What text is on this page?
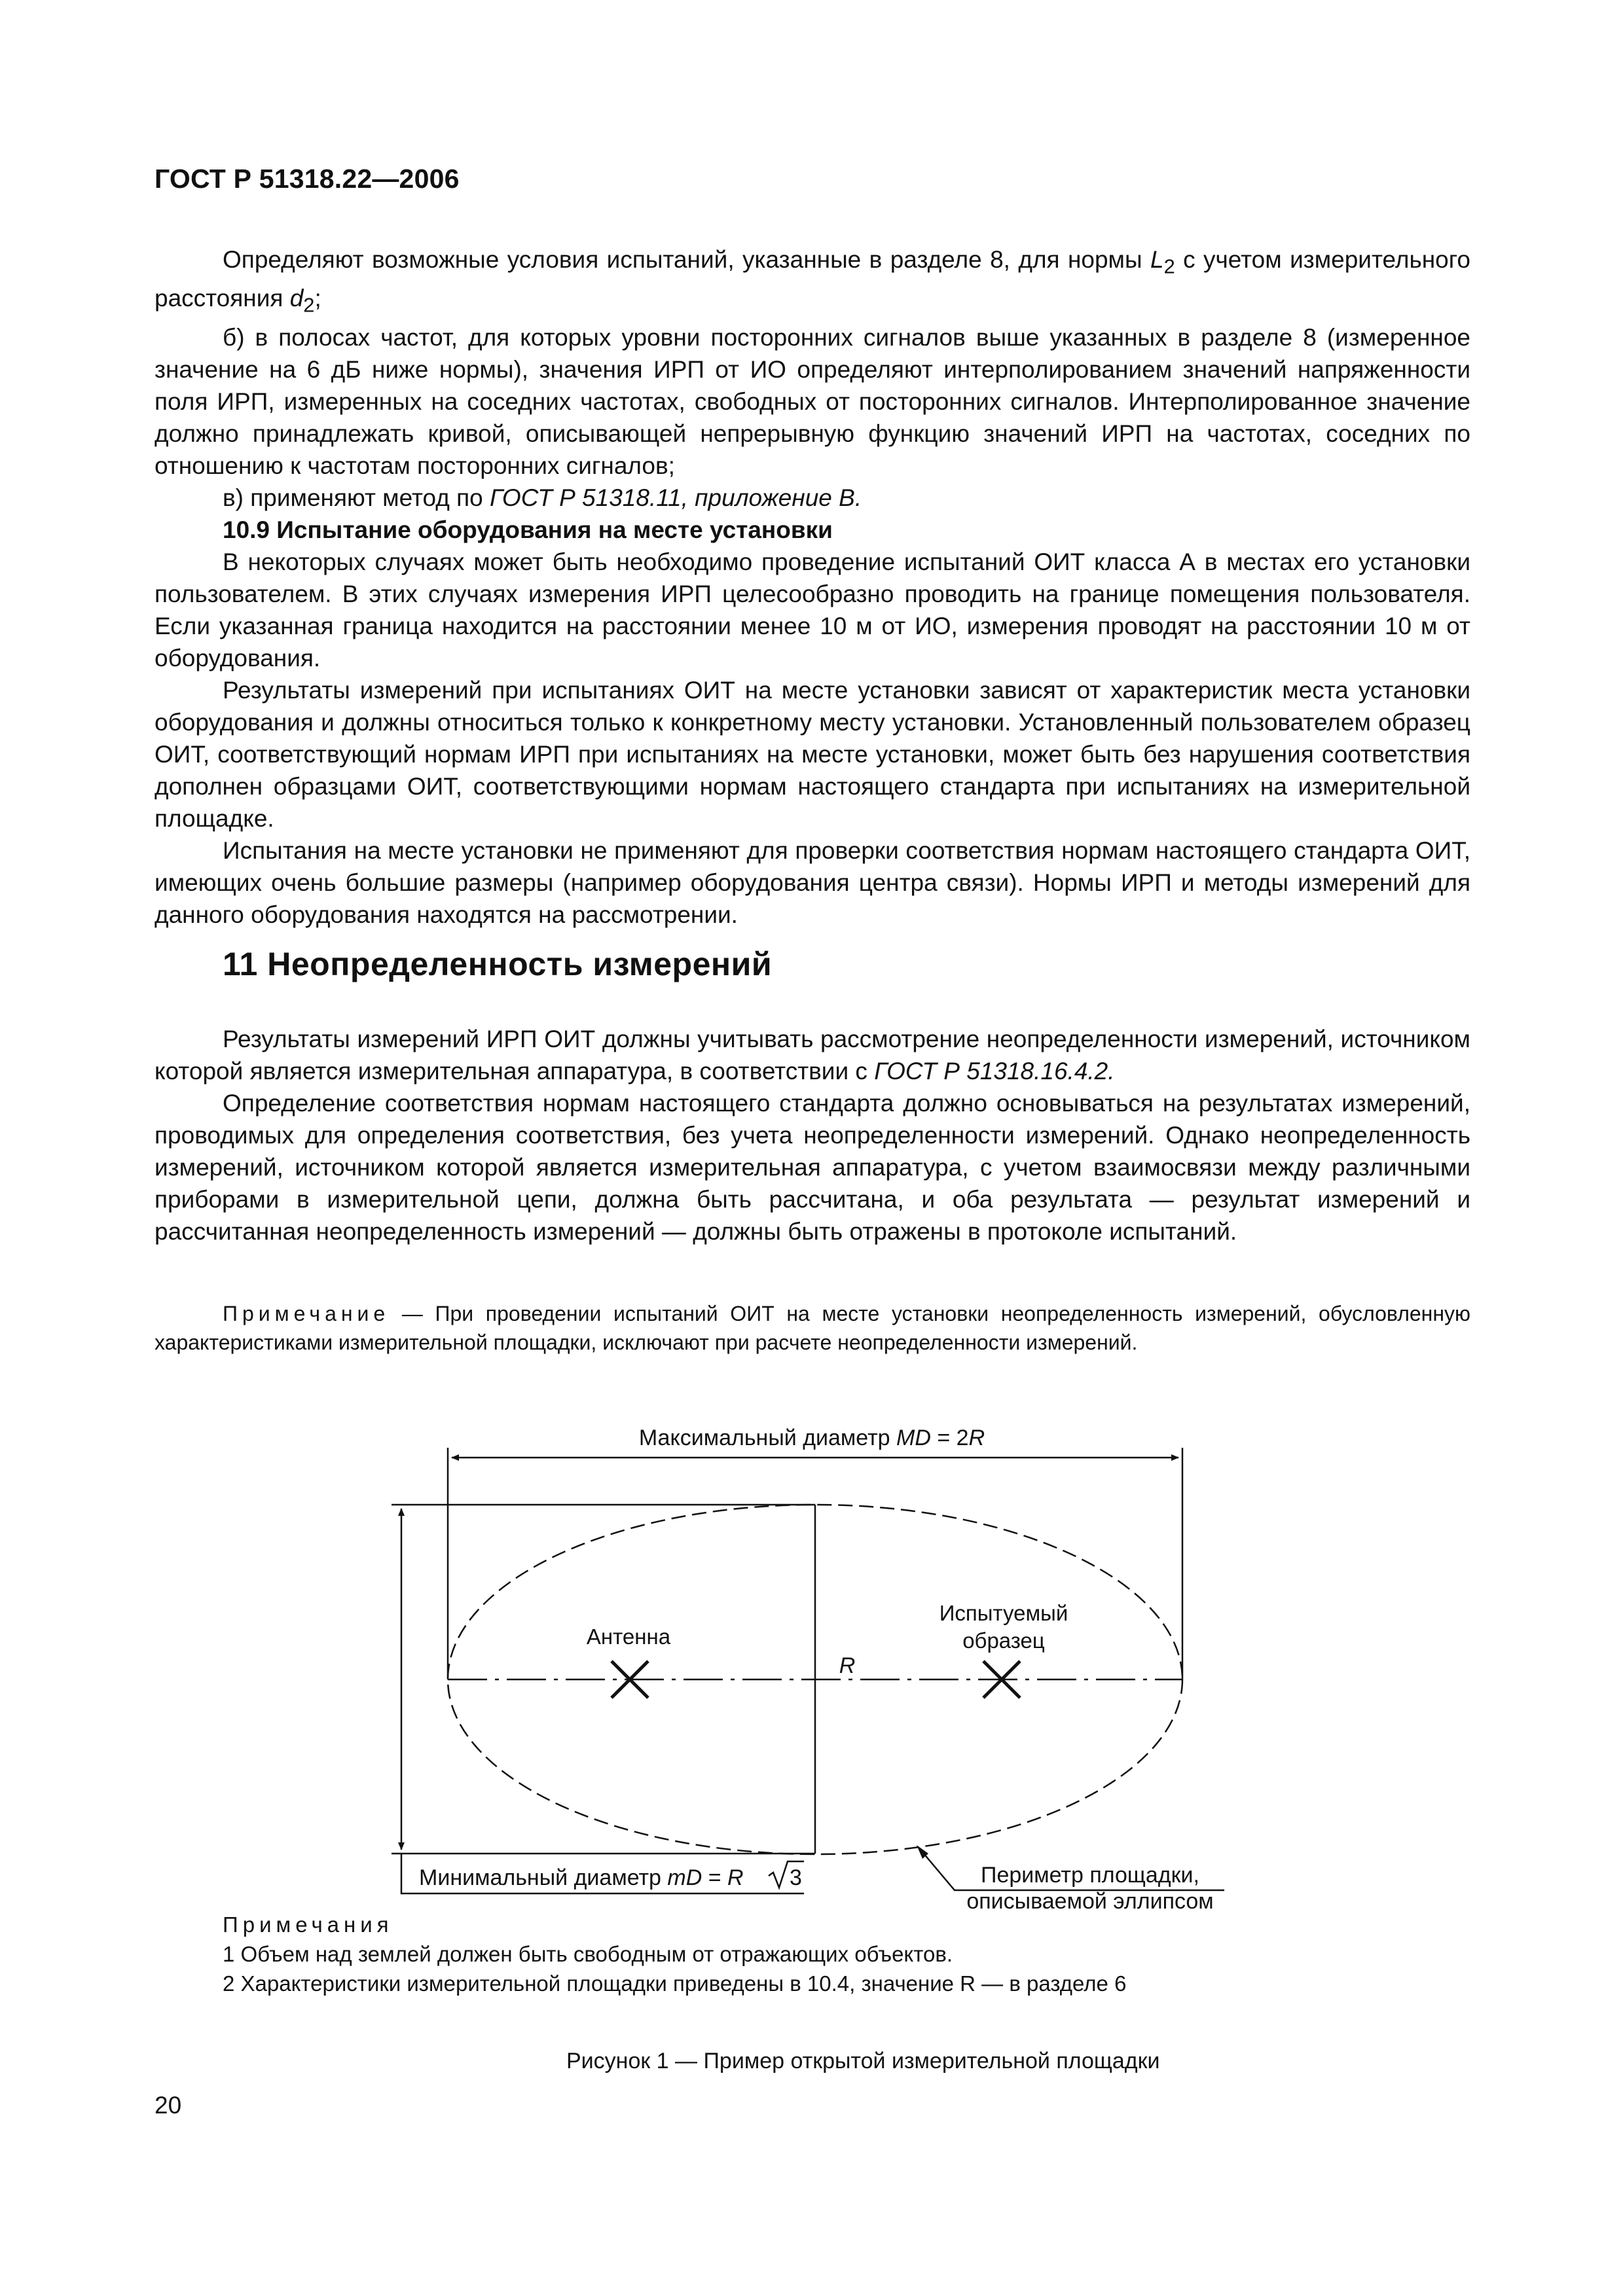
ГОСТ Р 51318.22—2006

Определяют возможные условия испытаний, указанные в разделе 8, для нормы $L_2$ с учетом измерительного расстояния $d_2$;

б) в полосах частот, для которых уровни посторонних сигналов выше указанных в разделе 8 (измеренное значение на 6 дБ ниже нормы), значения ИРП от ИО определяют интерполированием значений напряженности поля ИРП, измеренных на соседних частотах, свободных от посторонних сигналов. Интерполированное значение должно принадлежать кривой, описывающей непрерывную функцию значений ИРП на частотах, соседних по отношению к частотам посторонних сигналов;

в) применяют метод по ГОСТ Р 51318.11, приложение В.

10.9 Испытание оборудования на месте установки

В некоторых случаях может быть необходимо проведение испытаний ОИТ класса А в местах его установки пользователем. В этих случаях измерения ИРП целесообразно проводить на границе помещения пользователя. Если указанная граница находится на расстоянии менее 10 м от ИО, измерения проводят на расстоянии 10 м от оборудования.

Результаты измерений при испытаниях ОИТ на месте установки зависят от характеристик места установки оборудования и должны относиться только к конкретному месту установки. Установленный пользователем образец ОИТ, соответствующий нормам ИРП при испытаниях на месте установки, может быть без нарушения соответствия дополнен образцами ОИТ, соответствующими нормам настоящего стандарта при испытаниях на измерительной площадке.

Испытания на месте установки не применяют для проверки соответствия нормам настоящего стандарта ОИТ, имеющих очень большие размеры (например оборудования центра связи). Нормы ИРП и методы измерений для данного оборудования находятся на рассмотрении.

11 Неопределенность измерений

Результаты измерений ИРП ОИТ должны учитывать рассмотрение неопределенности измерений, источником которой является измерительная аппаратура, в соответствии с ГОСТ Р 51318.16.4.2.

Определение соответствия нормам настоящего стандарта должно основываться на результатах измерений, проводимых для определения соответствия, без учета неопределенности измерений. Однако неопределенность измерений, источником которой является измерительная аппаратура, с учетом взаимосвязи между различными приборами в измерительной цепи, должна быть рассчитана, и оба результата — результат измерений и рассчитанная неопределенность измерений — должны быть отражены в протоколе испытаний.

Примечание — При проведении испытаний ОИТ на месте установки неопределенность измерений, обусловленную характеристиками измерительной площадки, исключают при расчете неопределенности измерений.
Максимальный диаметр MD = 2R
Антенна
Испытуемый
образец
R
Минимальный диаметр mD = R 3	Периметр площадки,
описываемой эллипсом
Примечания
1 Объем над землей должен быть свободным от отражающих объектов.
2 Характеристики измерительной площадки приведены в 10.4, значение R — в разделе 6
Рисунок 1 — Пример открытой измерительной площадки
20
